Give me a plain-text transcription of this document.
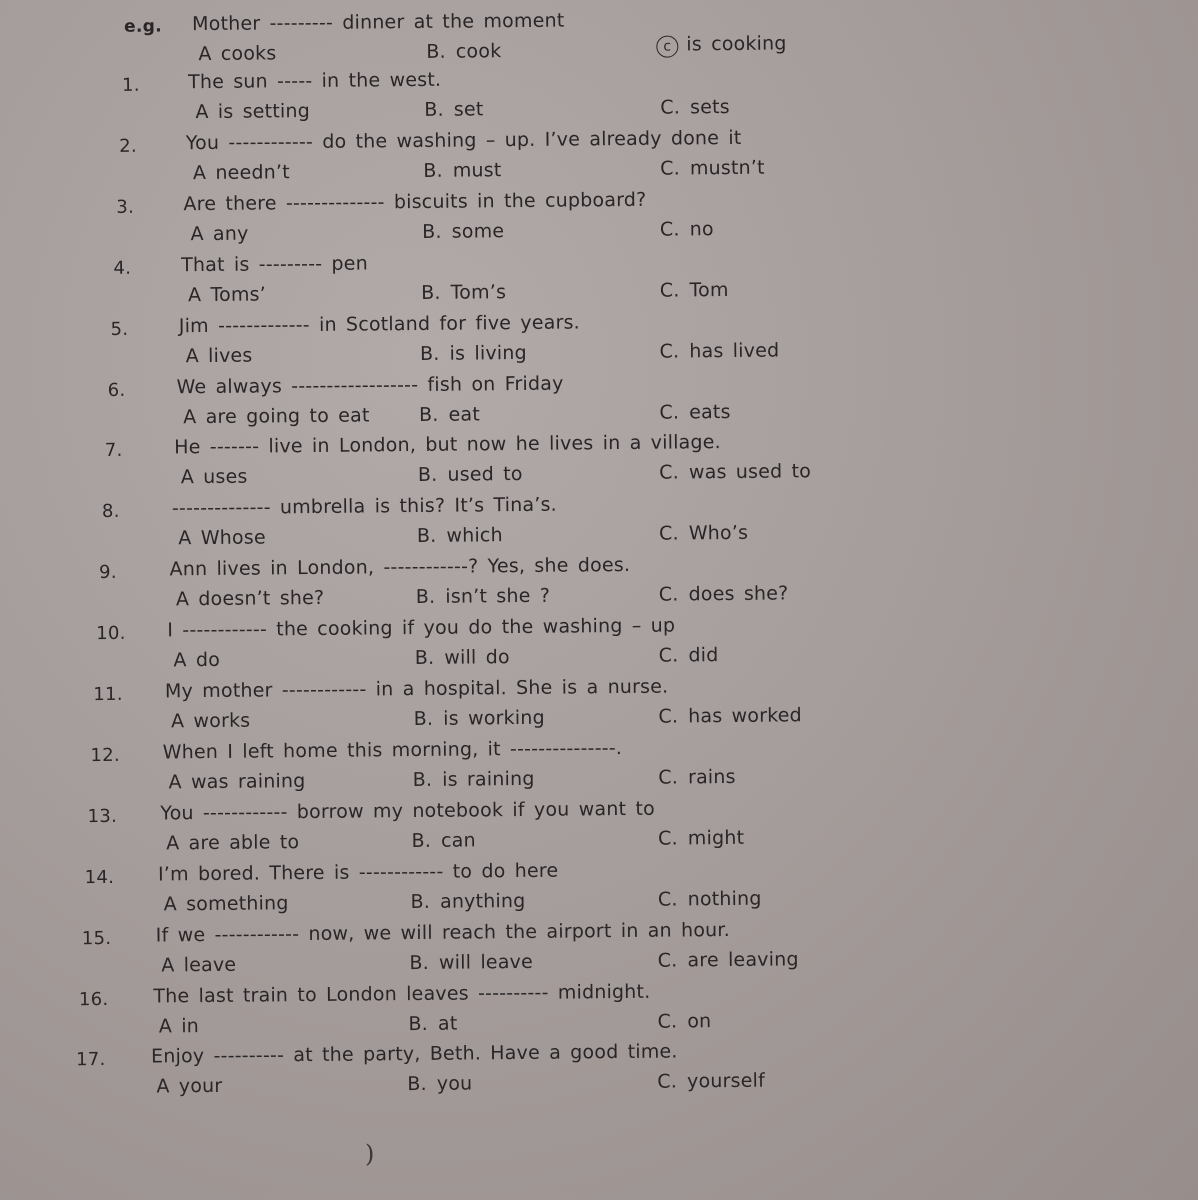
e.g. Mother --------- dinner at the moment
A cooks	B. cook	c is cooking
1.	The sun ----- in the west.
A is setting	B. set	C. sets
2.	You ------------ do the washing – up. I’ve already done it
A needn’t	B. must	C. mustn’t
3.	Are there -------------- biscuits in the cupboard?
A any	B. some	C. no
4.	That is --------- pen
A Toms’	B. Tom’s	C. Tom
5.	Jim ------------- in Scotland for five years.
A lives	B. is living	C. has lived
6.	We always ------------------ fish on Friday
A are going to eat	B. eat	C. eats
7.	He ------- live in London, but now he lives in a village.
A uses	B. used to	C. was used to
8.	-------------- umbrella is this? It’s Tina’s.
A Whose	B. which	C. Who’s
9.	Ann lives in London, ------------? Yes, she does.
A doesn’t she?	B. isn’t she ?	C. does she?
10. I ------------ the cooking if you do the washing – up
A do	B. will do	C. did
11. My mother ------------ in a hospital. She is a nurse.
A works	B. is working	C. has worked
12. When I left home this morning, it ---------------.
A was raining	B. is raining	C. rains
13. You ------------ borrow my notebook if you want to
A are able to	B. can	C. might
14. I’m bored. There is ------------ to do here
A something	B. anything	C. nothing
15. If we ------------ now, we will reach the airport in an hour.
A leave	B. will leave	C. are leaving
16. The last train to London leaves ---------- midnight.
A in	B. at	C. on
17. Enjoy ---------- at the party, Beth. Have a good time.
A your	B. you	C. yourself
)
